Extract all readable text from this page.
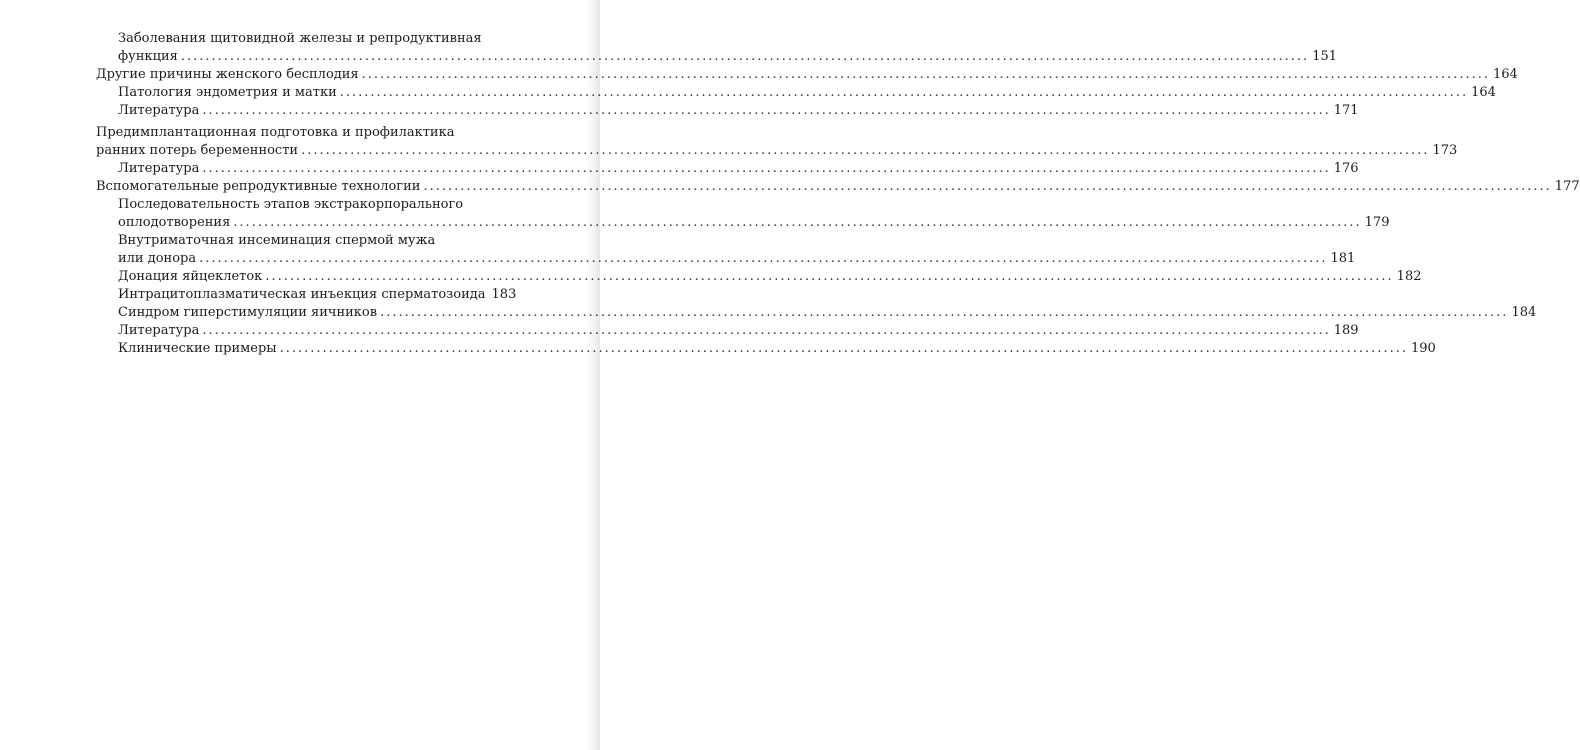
Заболевания щитовидной железы и репродуктивная
функция ........................................................................................................................................................................................ 151
Другие причины женского бесплодия ........................................................................................................................................................................................ 164
Патология эндометрия и матки ........................................................................................................................................................................................ 164
Литература ........................................................................................................................................................................................ 171
Предимплантационная подготовка и профилактика
ранних потерь беременности ........................................................................................................................................................................................ 173
Литература ........................................................................................................................................................................................ 176
Вспомогательные репродуктивные технологии ........................................................................................................................................................................................ 177
Последовательность этапов экстракорпорального
оплодотворения ........................................................................................................................................................................................ 179
Внутриматочная инсеминация спермой мужа
или донора ........................................................................................................................................................................................ 181
Донация яйцеклеток ........................................................................................................................................................................................ 182
Интрацитоплазматическая инъекция сперматозоида 183
Синдром гиперстимуляции яичников ........................................................................................................................................................................................ 184
Литература ........................................................................................................................................................................................ 189
Клинические примеры ........................................................................................................................................................................................ 190
